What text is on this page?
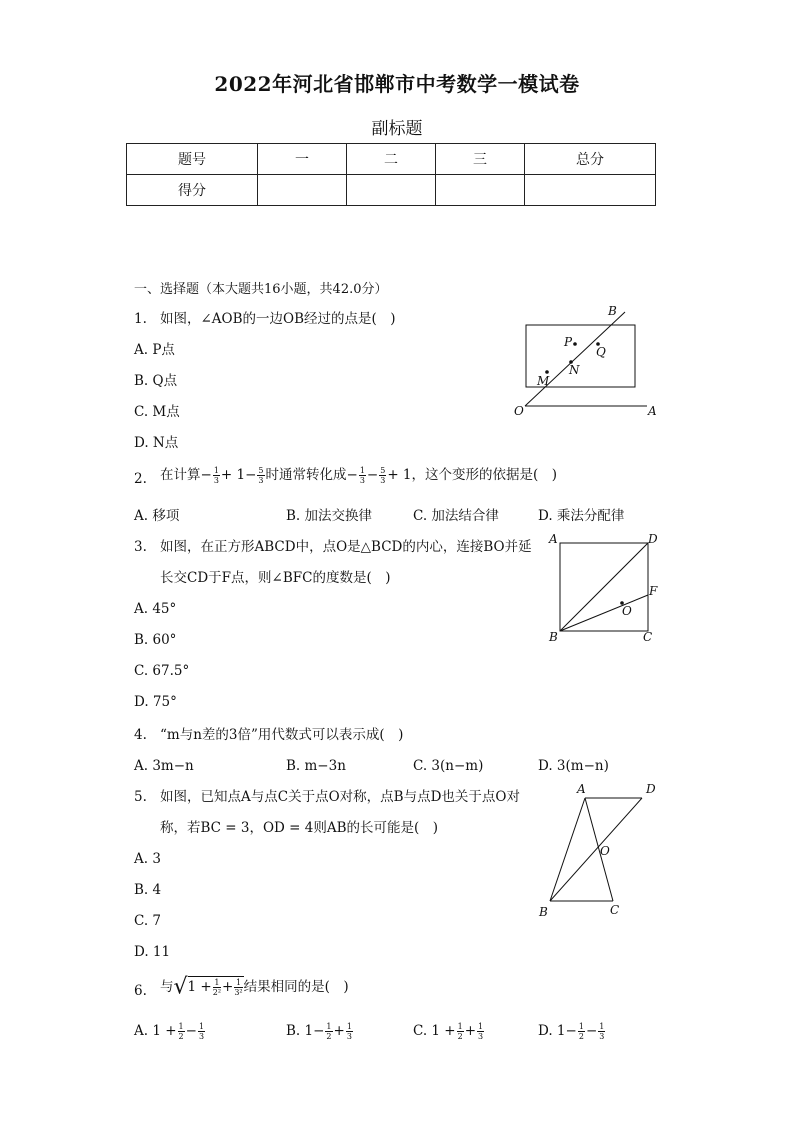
2022年河北省邯郸市中考数学一模试卷
副标题
题号	一	二	三	总分
得分				
一、选择题（本大题共16小题，共42.0分）
1. 如图，∠AOB的一边OB经过的点是(　)
A. P点
B. Q点
C. M点
D. N点
B
P
Q
N
M
O	A
2. 在计算− $\frac{1}{3} + 1- \frac{5}{3}$ 时通常转化成− $\frac{1}{3} - \frac{5}{3} + 1$，这个变形的依据是(　)
A. 移项	B. 加法交换律	C. 加法结合律	D. 乘法分配律
3. 如图，在正方形ABCD中，点O是△BCD的内心，连接BO并延
长交CD于F点，则∠BFC的度数是(　)
A. 45°
B. 60°
C. 67.5°
D. 75°
A	D
F
O
B	C
4. “m与n差的3倍”用代数式可以表示成(　)
A. 3m−n	B. m−3n	C. 3(n−m)	D. 3(m−n)
5. 如图，已知点A与点C关于点O对称，点B与点D也关于点O对
称，若BC = 3，OD = 4则AB的长可能是(　)
A. 3
B. 4
C. 7
D. 11
A	D
O
B	C
6. 与$√1 + \frac{1}{\text{2²}} + \frac{1}{\text{3²}}$ 结果相同的是(　)
A. $1 + \frac{1}{2} - \frac{1}{3}$	B. $1- \frac{1}{2} + \frac{1}{3}$	C. $1 + \frac{1}{2} + \frac{1}{3}$	D. $1- \frac{1}{2} - \frac{1}{3}$
